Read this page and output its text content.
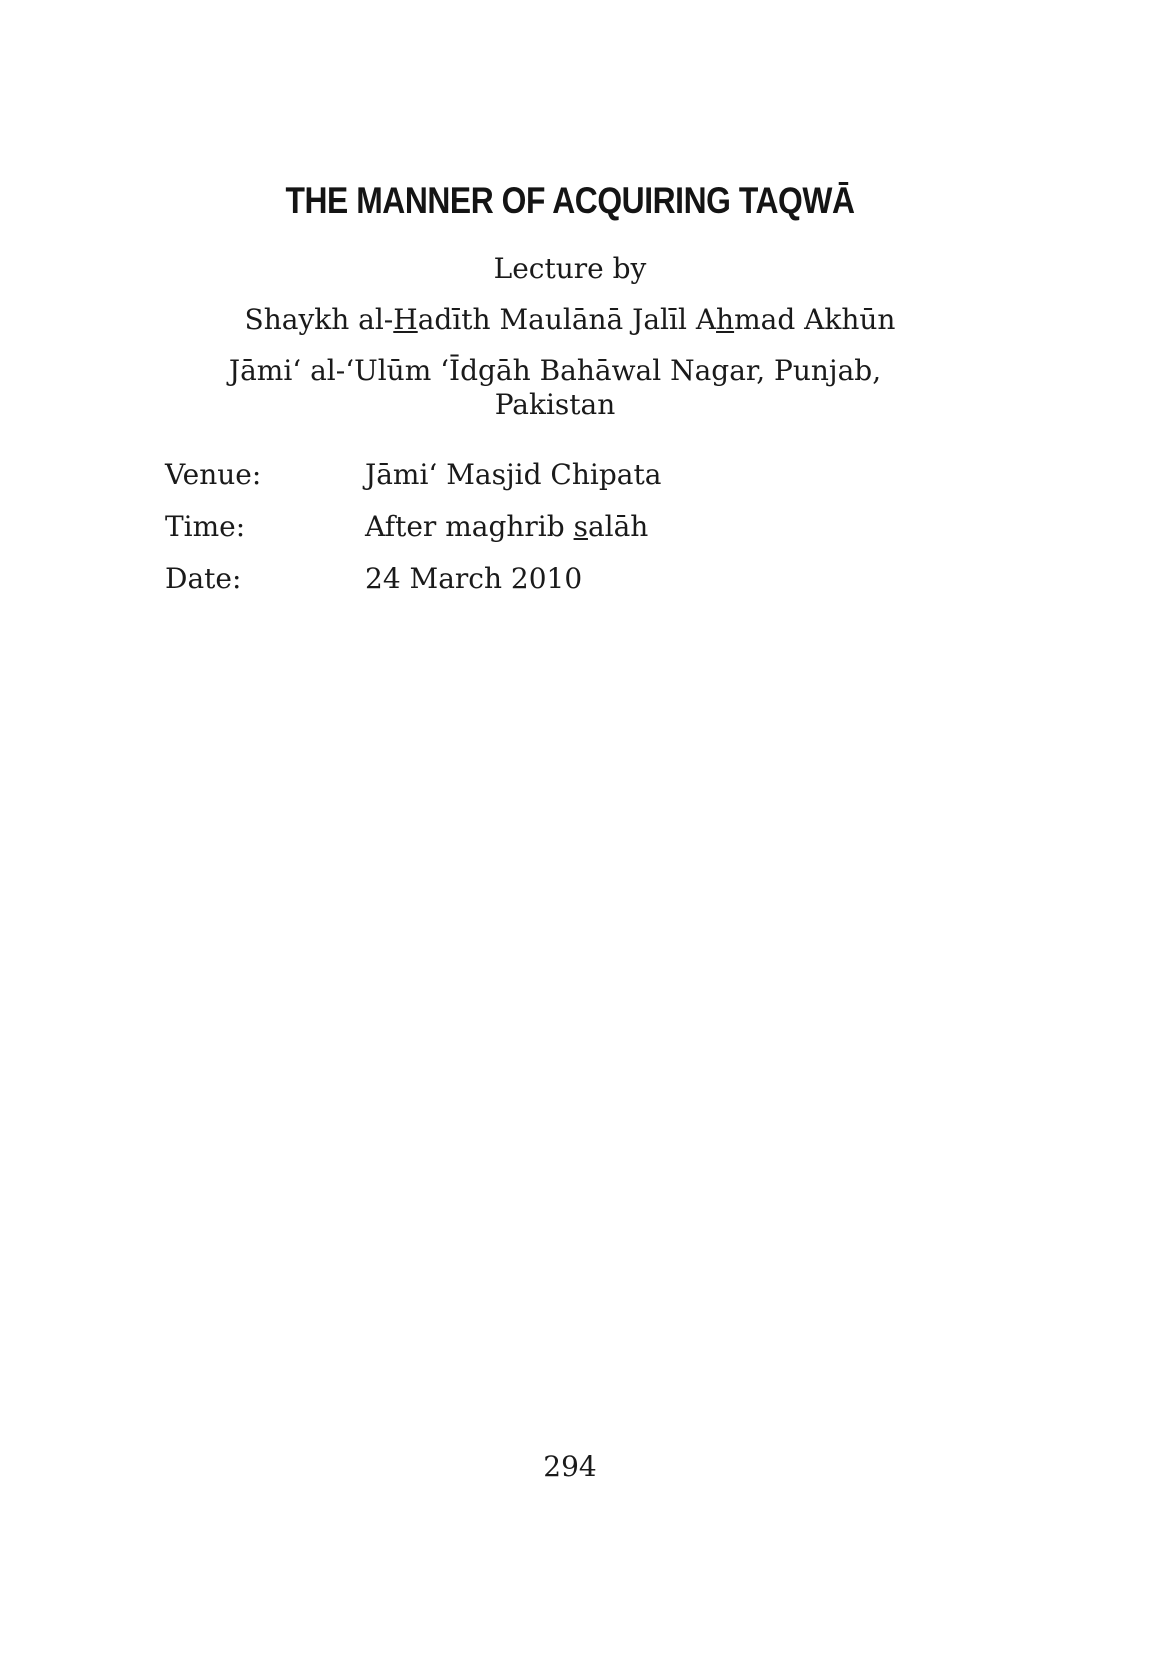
THE MANNER OF ACQUIRING TAQWĀ
Lecture by
Shaykh al-Hadīth Maulānā Jalīl Ahmad Akhūn
Jāmi‘ al-‘Ulūm ‘Īdgāh Bahāwal Nagar, Punjab, Pakistan
Venue:	Jāmi‘ Masjid Chipata
Time:	After maghrib salāh
Date:	24 March 2010
294
